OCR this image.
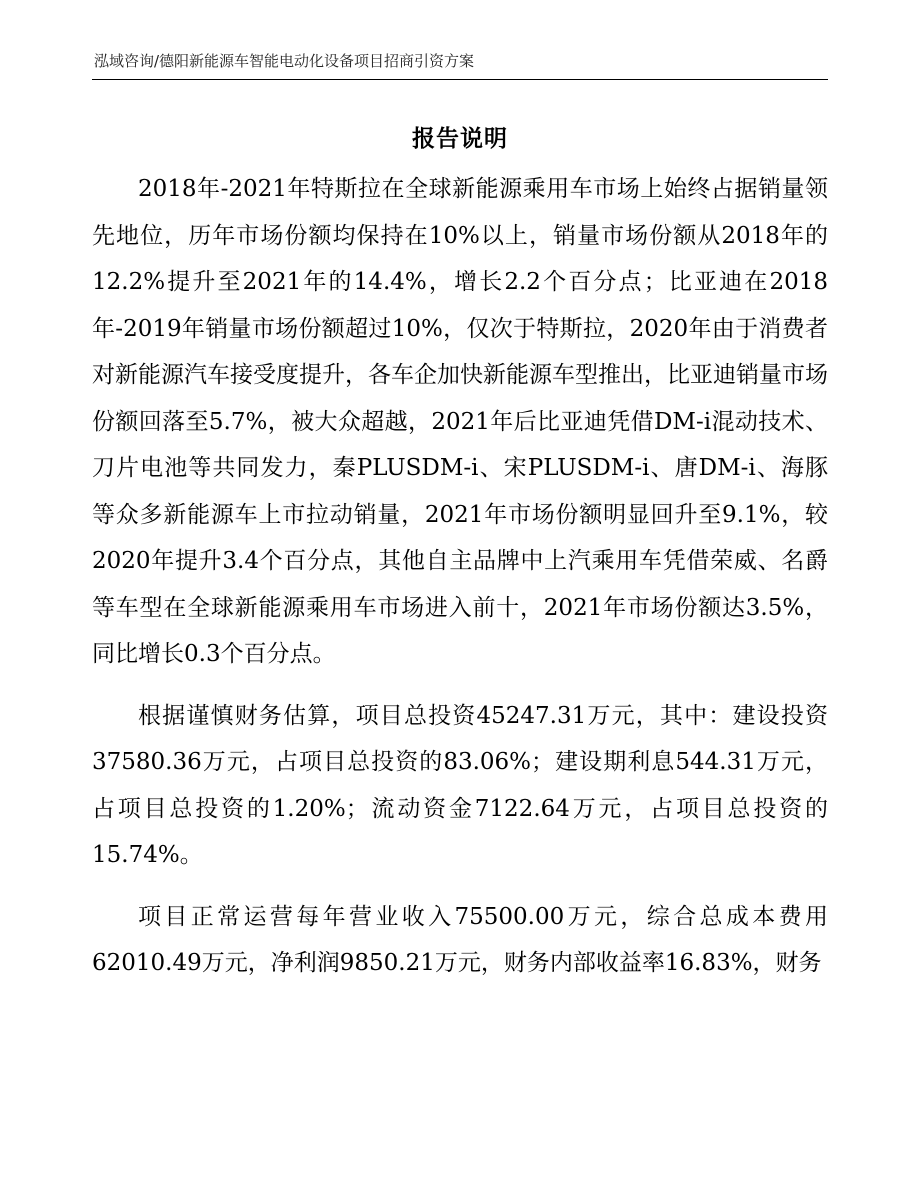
泓域咨询/德阳新能源车智能电动化设备项目招商引资方案
报告说明

2018年-2021年特斯拉在全球新能源乘用车市场上始终占据销量领先地位，历年市场份额均保持在10%以上，销量市场份额从2018年的12.2%提升至2021年的14.4%，增长2.2个百分点；比亚迪在2018年-2019年销量市场份额超过10%，仅次于特斯拉，2020年由于消费者对新能源汽车接受度提升，各车企加快新能源车型推出，比亚迪销量市场份额回落至5.7%，被大众超越，2021年后比亚迪凭借DM-i混动技术、刀片电池等共同发力，秦PLUSDM-i、宋PLUSDM-i、唐DM-i、海豚等众多新能源车上市拉动销量，2021年市场份额明显回升至9.1%，较2020年提升3.4个百分点，其他自主品牌中上汽乘用车凭借荣威、名爵等车型在全球新能源乘用车市场进入前十，2021年市场份额达3.5%，同比增长0.3个百分点。

根据谨慎财务估算，项目总投资45247.31万元，其中：建设投资37580.36万元，占项目总投资的83.06%；建设期利息544.31万元，占项目总投资的1.20%；流动资金7122.64万元，占项目总投资的15.74%。

项目正常运营每年营业收入75500.00万元，综合总成本费用62010.49万元，净利润9850.21万元，财务内部收益率16.83%，财务
